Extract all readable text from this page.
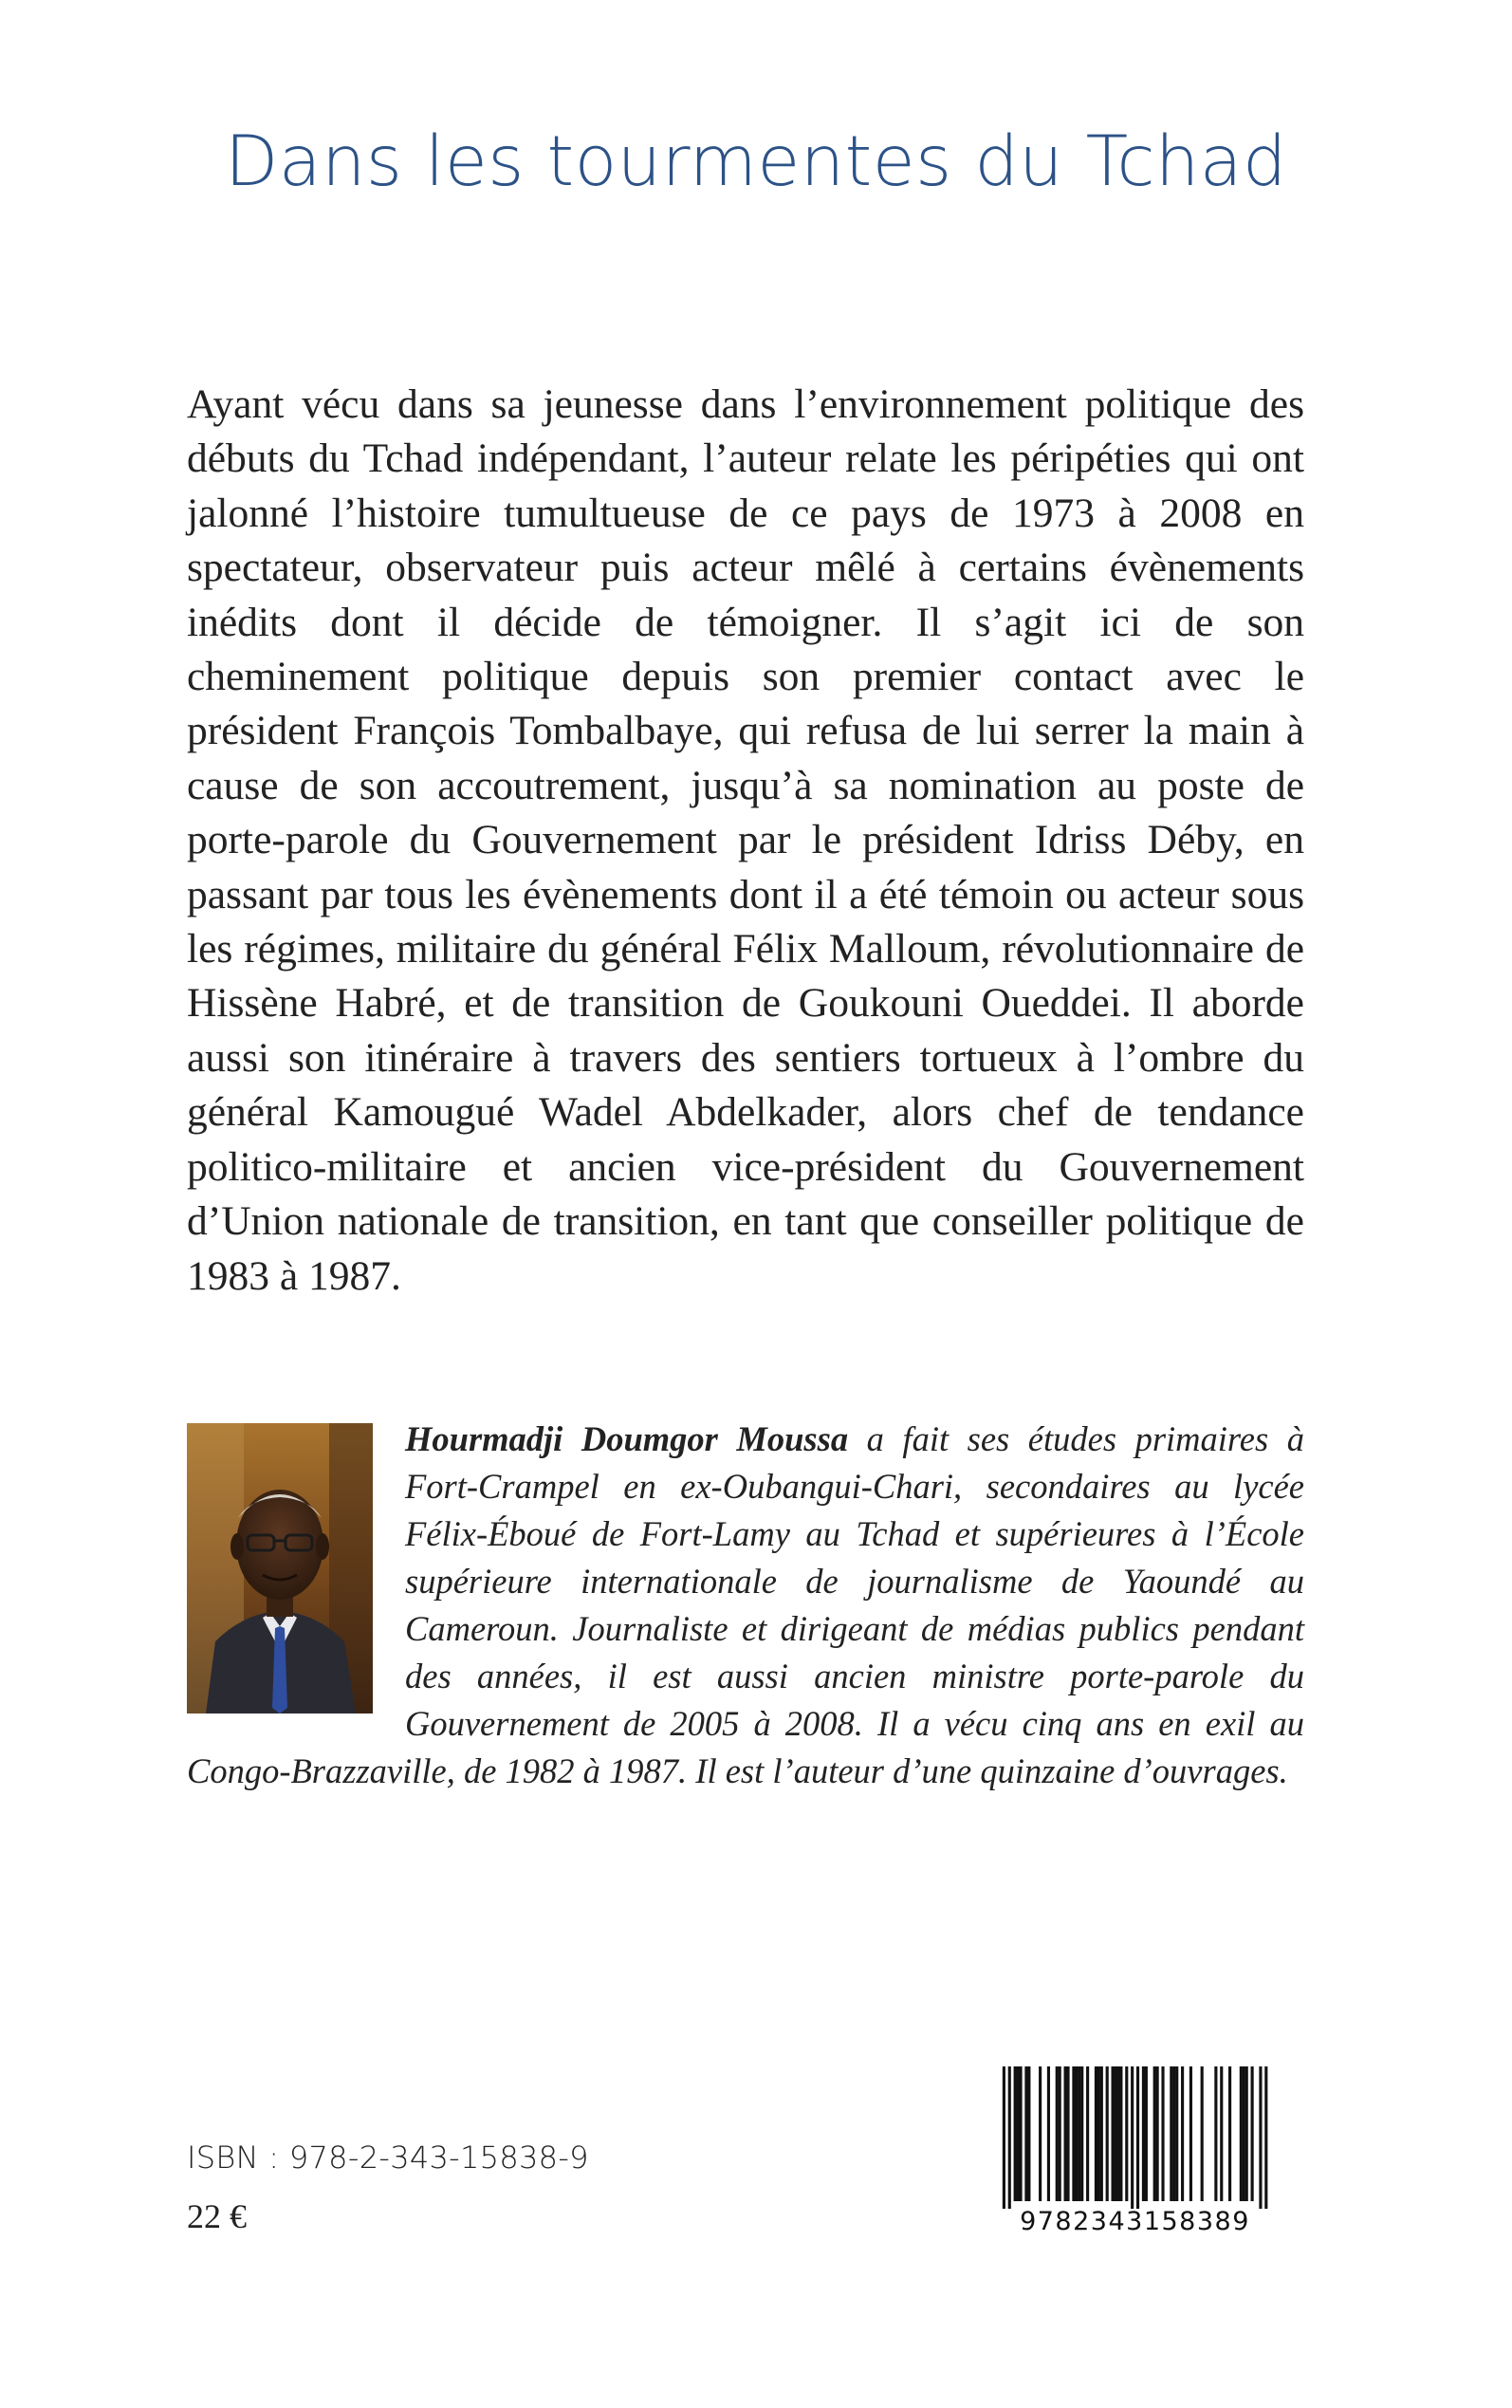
Dans les tourmentes du Tchad

Ayant vécu dans sa jeunesse dans l’environnement politique des débuts du Tchad indépendant, l’auteur relate les péripéties qui ont jalonné l’histoire tumultueuse de ce pays de 1973 à 2008 en spectateur, observateur puis acteur mêlé à certains évènements inédits dont il décide de témoigner. Il s’agit ici de son cheminement politique depuis son premier contact avec le président François Tombalbaye, qui refusa de lui serrer la main à cause de son accoutrement, jusqu’à sa nomination au poste de porte-parole du Gouvernement par le président Idriss Déby, en passant par tous les évènements dont il a été témoin ou acteur sous les régimes, militaire du général Félix Malloum, révolutionnaire de Hissène Habré, et de transition de Goukouni Oueddei. Il aborde aussi son itinéraire à travers des sentiers tortueux à l’ombre du général Kamougué Wadel Abdelkader, alors chef de tendance politico-militaire et ancien vice-président du Gouvernement d’Union nationale de transition, en tant que conseiller politique de 1983 à 1987.

Hourmadji Doumgor Moussa a fait ses études primaires à Fort-Crampel en ex-Oubangui-Chari, secondaires au lycée Félix-Éboué de Fort-Lamy au Tchad et supérieures à l’École supérieure internationale de journalisme de Yaoundé au Cameroun. Journaliste et dirigeant de médias publics pendant des années, il est aussi ancien ministre porte-parole du Gouvernement de 2005 à 2008. Il a vécu cinq ans en exil au Congo-Brazzaville, de 1982 à 1987. Il est l’auteur d’une quinzaine d’ouvrages.

ISBN : 978-2-343-15838-9

22 €	9782343158389
